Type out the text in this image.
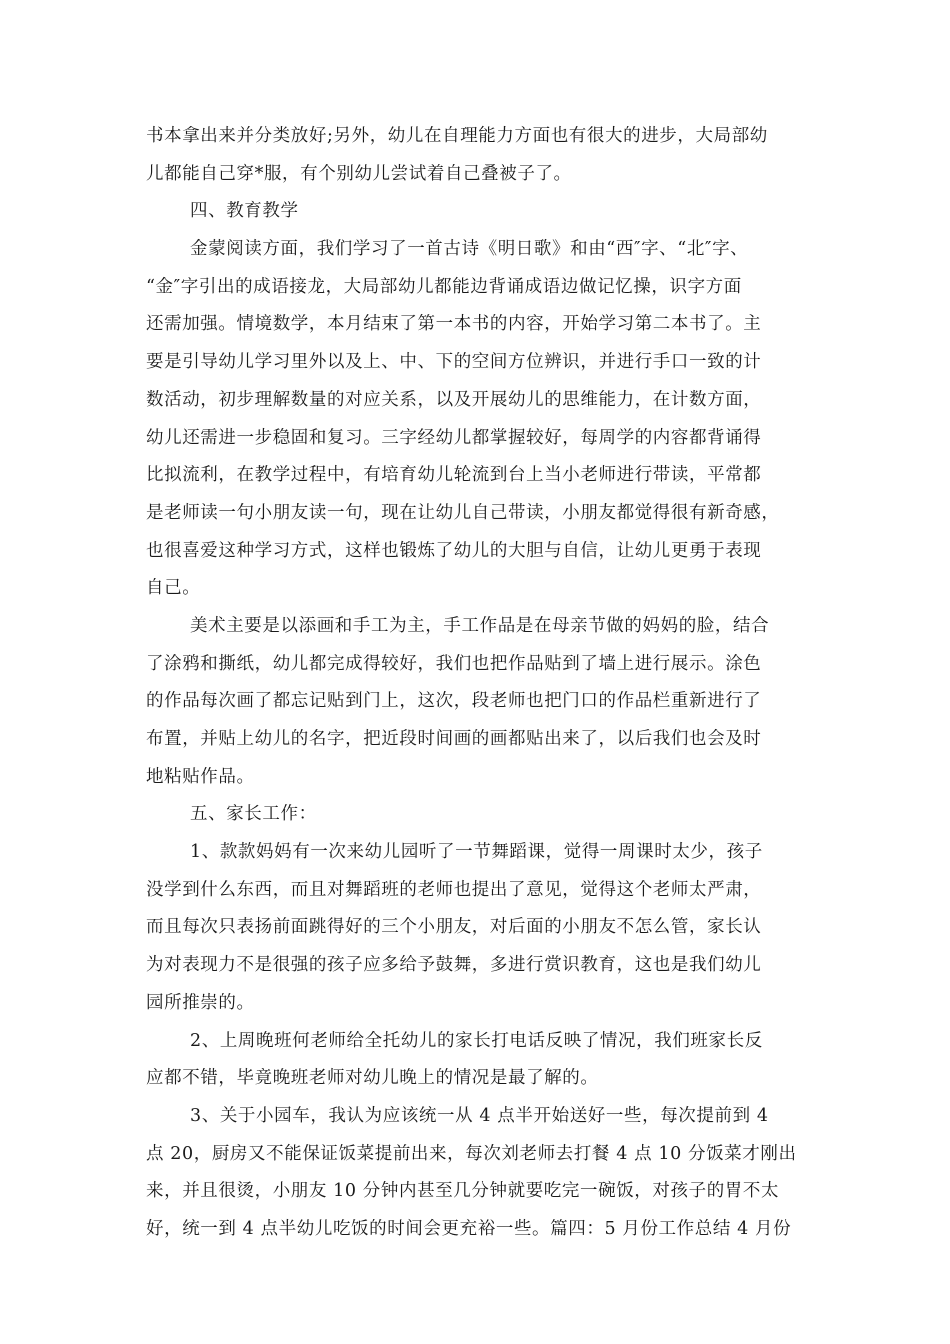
书本拿出来并分类放好;另外，幼儿在自理能力方面也有很大的进步，大局部幼
儿都能自己穿*服，有个别幼儿尝试着自己叠被子了。
四、教育教学
金蒙阅读方面，我们学习了一首古诗《明日歌》和由“西″字、“北″字、
“金″字引出的成语接龙，大局部幼儿都能边背诵成语边做记忆操，识字方面
还需加强。情境数学，本月结束了第一本书的内容，开始学习第二本书了。主
要是引导幼儿学习里外以及上、中、下的空间方位辨识，并进行手口一致的计
数活动，初步理解数量的对应关系，以及开展幼儿的思维能力，在计数方面，
幼儿还需进一步稳固和复习。三字经幼儿都掌握较好，每周学的内容都背诵得
比拟流利，在教学过程中，有培育幼儿轮流到台上当小老师进行带读，平常都
是老师读一句小朋友读一句，现在让幼儿自己带读，小朋友都觉得很有新奇感，
也很喜爱这种学习方式，这样也锻炼了幼儿的大胆与自信，让幼儿更勇于表现
自己。
美术主要是以添画和手工为主，手工作品是在母亲节做的妈妈的脸，结合
了涂鸦和撕纸，幼儿都完成得较好，我们也把作品贴到了墙上进行展示。涂色
的作品每次画了都忘记贴到门上，这次，段老师也把门口的作品栏重新进行了
布置，并贴上幼儿的名字，把近段时间画的画都贴出来了，以后我们也会及时
地粘贴作品。
五、家长工作：
1、款款妈妈有一次来幼儿园听了一节舞蹈课，觉得一周课时太少，孩子
没学到什么东西，而且对舞蹈班的老师也提出了意见，觉得这个老师太严肃，
而且每次只表扬前面跳得好的三个小朋友，对后面的小朋友不怎么管，家长认
为对表现力不是很强的孩子应多给予鼓舞，多进行赏识教育，这也是我们幼儿
园所推崇的。
2、上周晚班何老师给全托幼儿的家长打电话反映了情况，我们班家长反
应都不错，毕竟晚班老师对幼儿晚上的情况是最了解的。
3、关于小园车，我认为应该统一从 4 点半开始送好一些，每次提前到 4
点 20，厨房又不能保证饭菜提前出来，每次刘老师去打餐 4 点 10 分饭菜才刚出
来，并且很烫，小朋友 10 分钟内甚至几分钟就要吃完一碗饭，对孩子的胃不太
好，统一到 4 点半幼儿吃饭的时间会更充裕一些。篇四：5 月份工作总结 4 月份
